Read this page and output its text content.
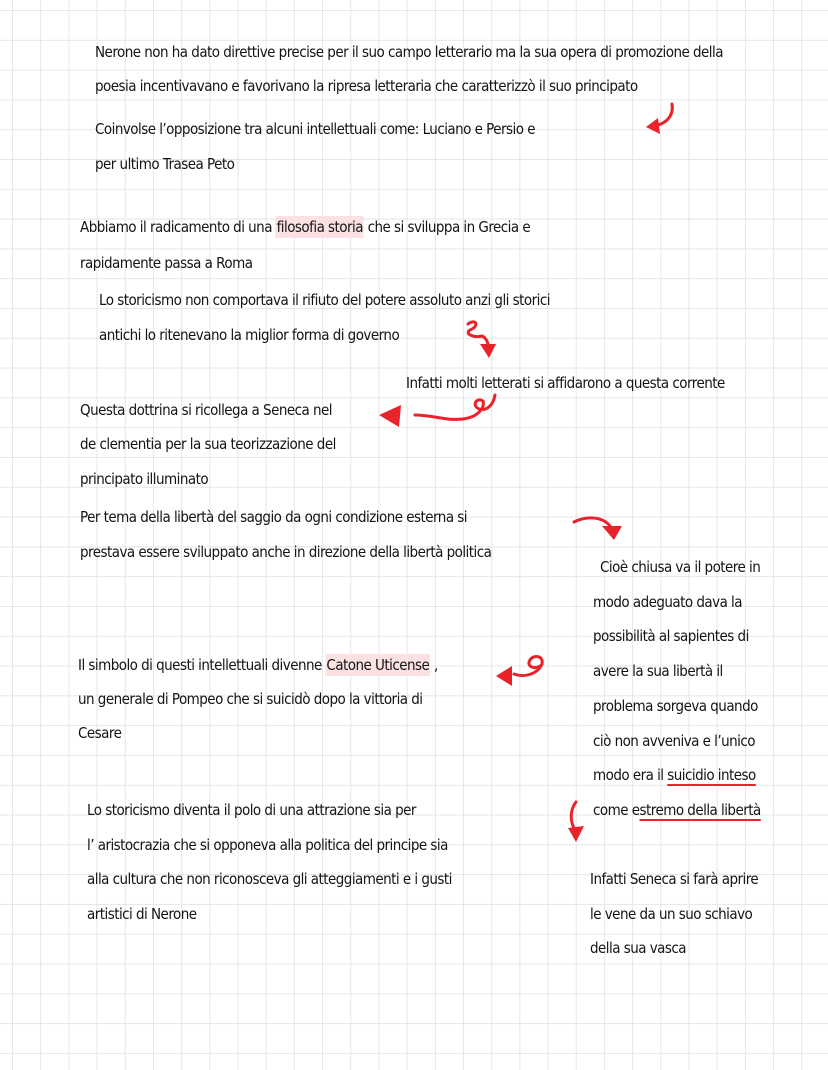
Nerone non ha dato direttive precise per il suo campo letterario ma la sua opera di promozione della
poesia incentivavano e favorivano la ripresa letteraria che caratterizzò il suo principato
Coinvolse l’opposizione tra alcuni intellettuali come: Luciano e Persio e
per ultimo Trasea Peto
Abbiamo il radicamento di una filosofia storia che si sviluppa in Grecia e
rapidamente passa a Roma
Lo storicismo non comportava il rifiuto del potere assoluto anzi gli storici
antichi lo ritenevano la miglior forma di governo
Infatti molti letterati si affidarono a questa corrente
Questa dottrina si ricollega a Seneca nel
de clementia per la sua teorizzazione del
principato illuminato
Per tema della libertà del saggio da ogni condizione esterna si
prestava essere sviluppato anche in direzione della libertà politica
Cioè chiusa va il potere in
modo adeguato dava la
possibilità al sapientes di
avere la sua libertà il
problema sorgeva quando
ciò non avveniva e l’unico
modo era il suicidio inteso
come estremo della libertà
Il simbolo di questi intellettuali divenne Catone Uticense ,
un generale di Pompeo che si suicidò dopo la vittoria di
Cesare
Lo storicismo diventa il polo di una attrazione sia per
l’ aristocrazia che si opponeva alla politica del principe sia
alla cultura che non riconosceva gli atteggiamenti e i gusti
artistici di Nerone
Infatti Seneca si farà aprire
le vene da un suo schiavo
della sua vasca
